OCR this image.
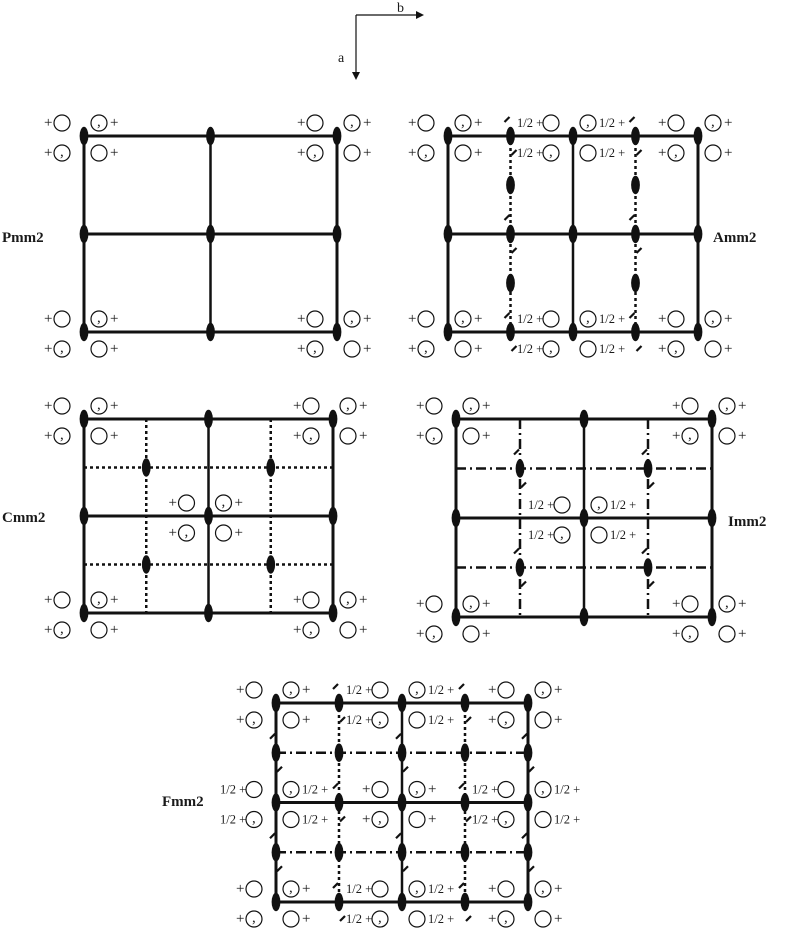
b
a
Pmm2
+
+ ,
, +
+
+
+ ,
, +
+
+
+ ,
, +
+
+
+ ,
, +
+
Amm2
+
+ ,
, +
+
+
+ ,
, +
+
+
+ ,
, +
+
+
+ ,
, +
+
1/2 +
1/2 + ,
, 1/2 +
1/2 +
1/2 +
1/2 + ,
, 1/2 +
1/2 +
Cmm2
+
+ ,
, +
+
+
+ ,
, +
+
+
+ ,
, +
+
+
+ ,
, +
+
+
+ ,
, +
+
Imm2
+
+ ,
, +
+
+
+ ,
, +
+
+
+ ,
, +
+
+
+ ,
, +
+
1/2 +
1/2 + ,
, 1/2 +
1/2 +
Fmm2
+
+ ,
, +
+
+
+ ,
, +
+
+
+ ,
, +
+
+
+ ,
, +
+
1/2 +
1/2 + ,
, 1/2 +
1/2 +
1/2 +
1/2 + ,
, 1/2 +
1/2 +
1/2 +
1/2 + ,
, 1/2 +
1/2 +
1/2 +
1/2 + ,
, 1/2 +
1/2 +
+
+ ,
, +
+
